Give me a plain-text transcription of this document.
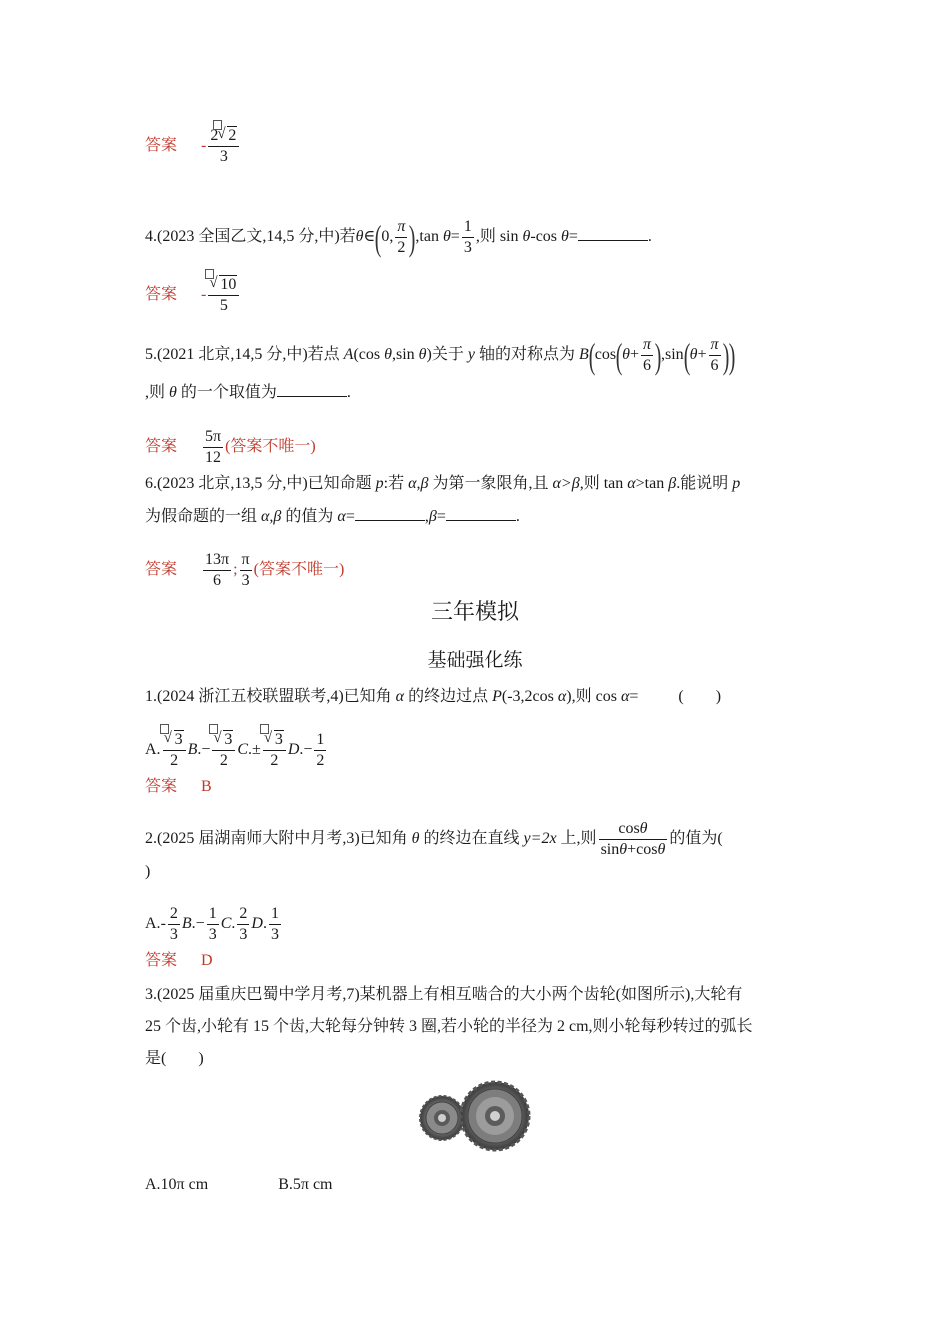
答案 - $\frac{2 √ 2}{3}$
4.(2023 全国乙文,14,5 分,中)若θ∈(0, $\frac{\pi}{2} ),\tan$ $\theta= \frac{1}{3}$ ,则 sin θ-cos θ=	.
答案 - $\frac{√ 10}{5}$
5.(2021 北京,14,5 分,中)若点 A(cos θ,sin θ)关于 y 轴的对称点为 $B(\cos(\theta+ \frac{\pi}{6} ),\sin(\theta+ \frac{\pi}{6}$ ))
,则 θ 的一个取值为	.
答案 $\frac{5\pi}{12}$ (答案不唯一)
6.(2023 北京,13,5 分,中)已知命题 p:若 α,β 为第一象限角,且 α>β,则 tan α>tan β.能说明 p
为假命题的一组 α,β 的值为 α=	,β=	.
答案 $\frac{13\pi}{6}$ ; $\frac{\pi}{3}$ (答案不唯一)
三年模拟
基础强化练
1.(2024 浙江五校联盟联考,4)已知角 α 的终边过点 P(-3,2cos α),则 cos α=	(　　)
A. $\frac{√ 3}{2} B.- \frac{√ 3}{2} C.\pm \frac{√ 3}{2} D.- \frac{1}{2}$
答案 B
2.(2025 届湖南师大附中月考,3)已知角 θ 的终边在直线 y=2x 上,则 $\frac{\cos\theta}{\sin\theta+\cos\theta}$ 的值为(
)
$A.- \frac{2}{3} B.- \frac{1}{3} C$. $\frac{2}{3} D$. $\frac{1}{3}$
答案 D
3.(2025 届重庆巴蜀中学月考,7)某机器上有相互啮合的大小两个齿轮(如图所示),大轮有
25 个齿,小轮有 15 个齿,大轮每分钟转 3 圈,若小轮的半径为 2 cm,则小轮每秒转过的弧长
是(　　)
A.10π cm	B.5π cm
